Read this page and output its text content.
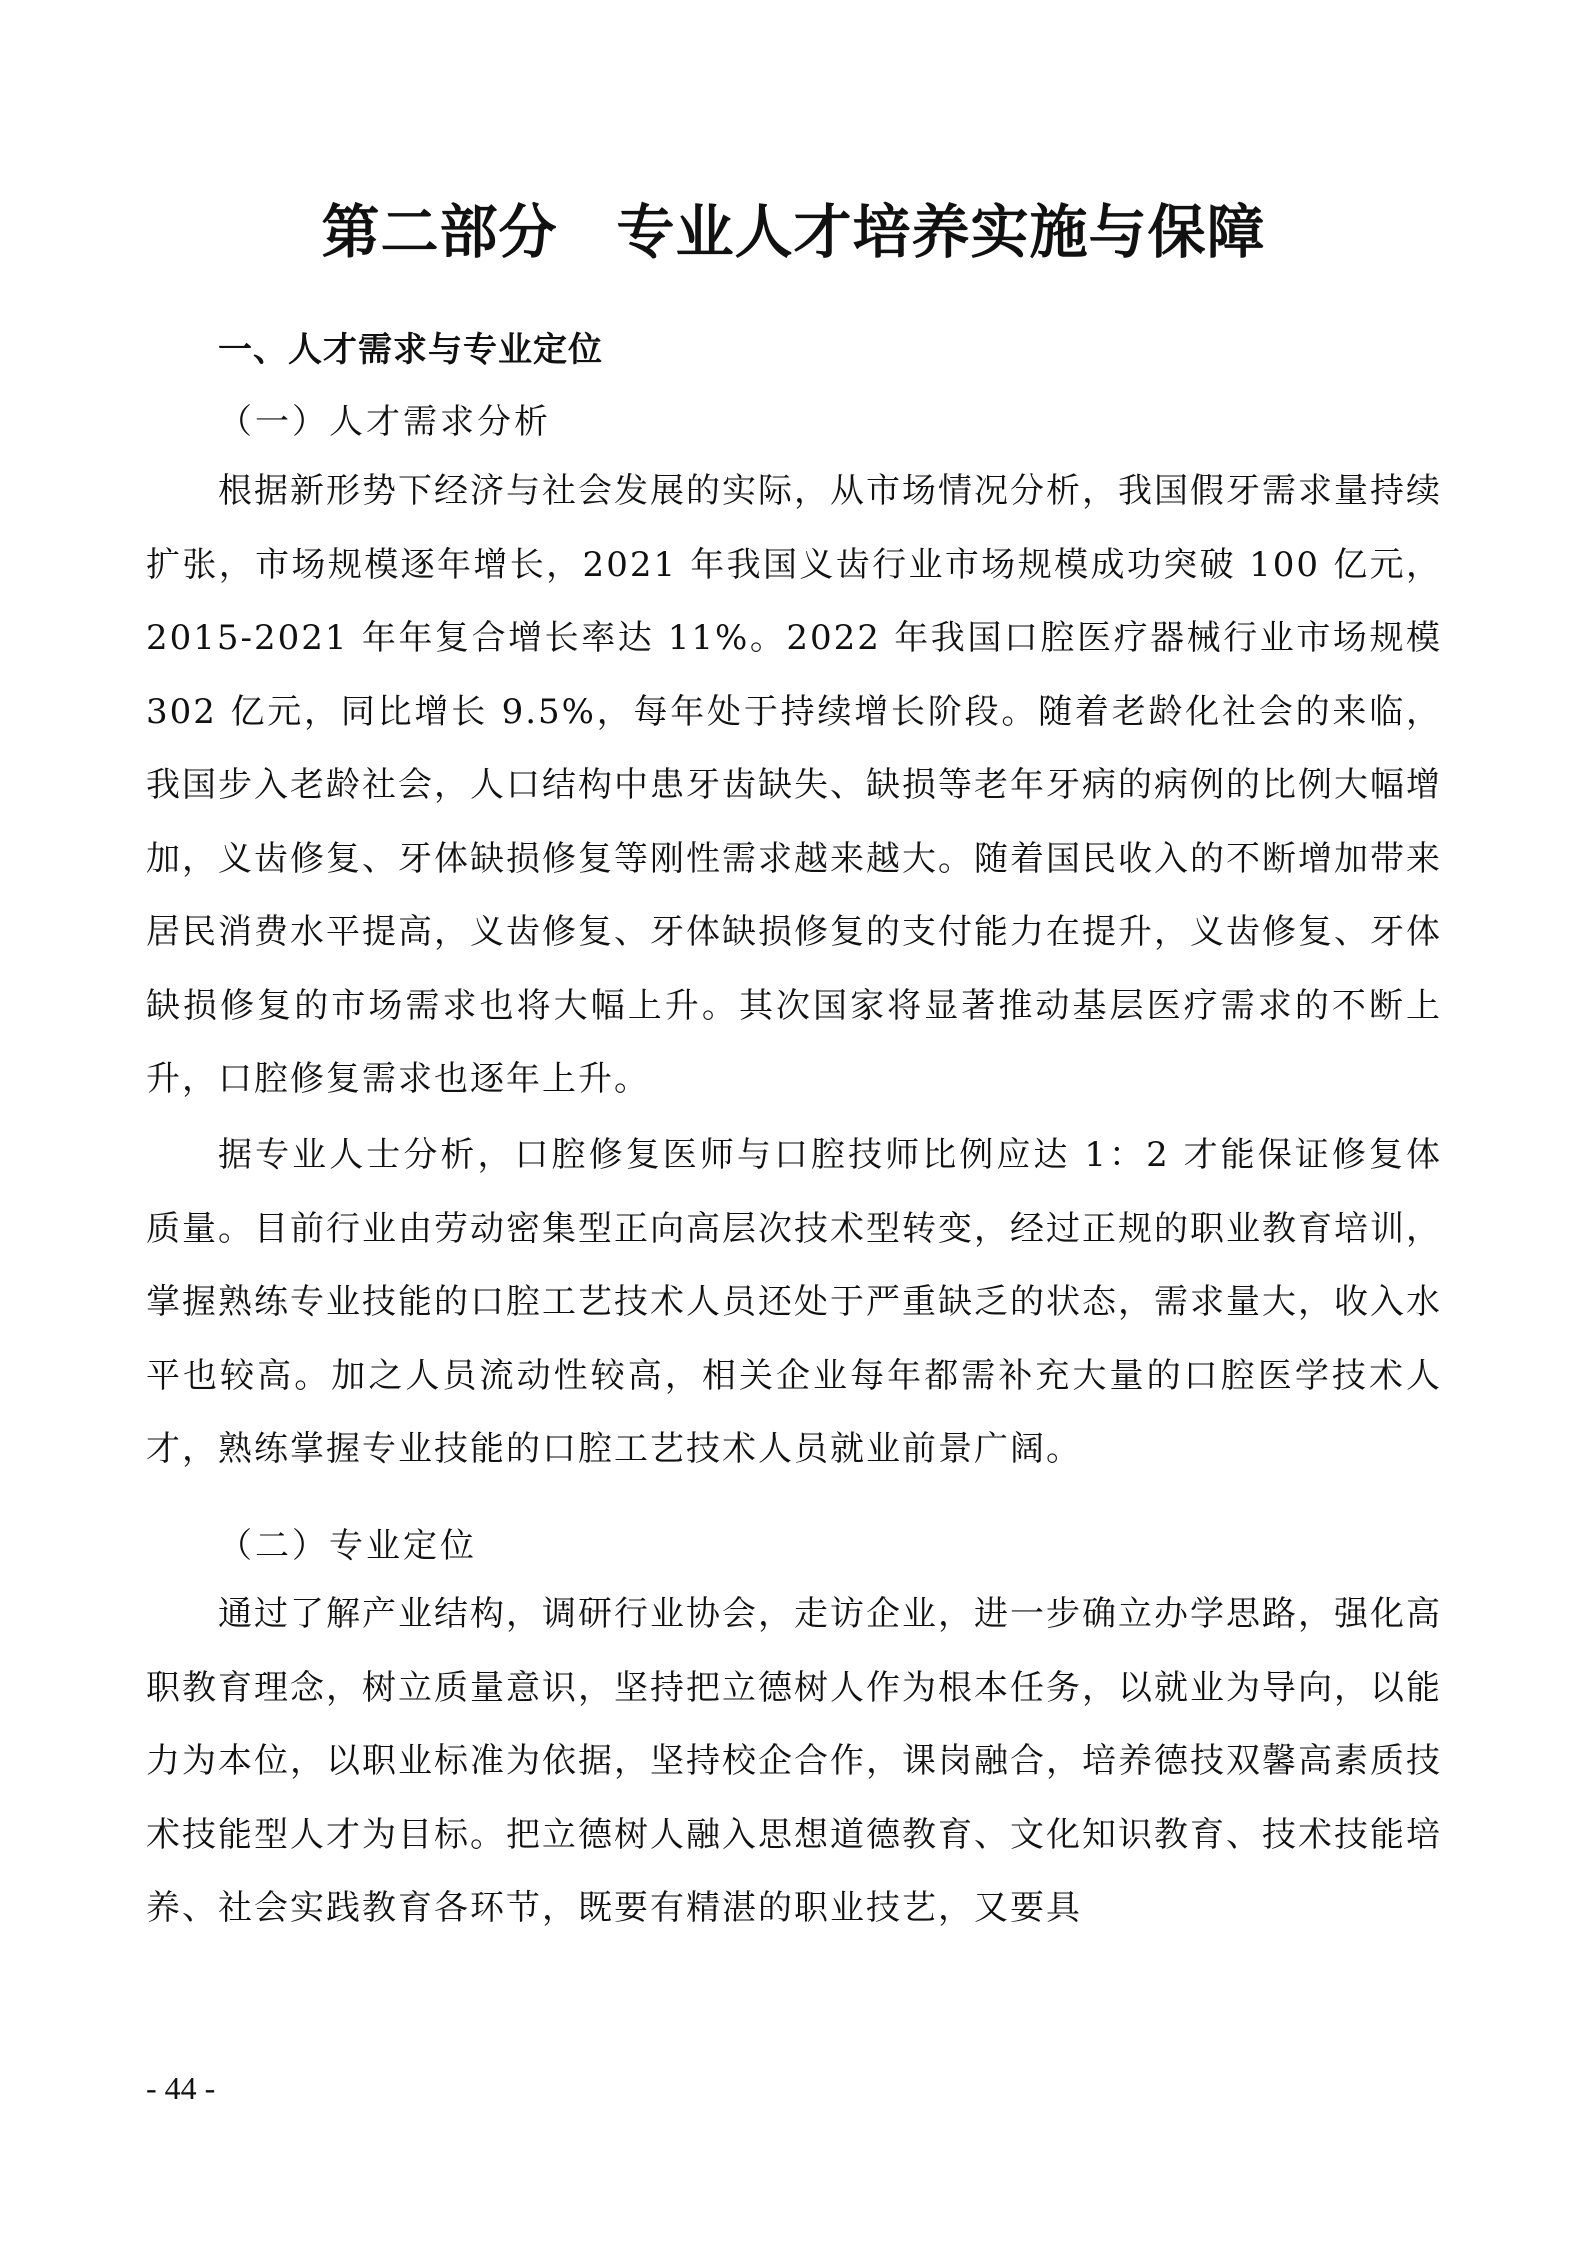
第二部分　专业人才培养实施与保障
一、人才需求与专业定位
（一）人才需求分析

根据新形势下经济与社会发展的实际，从市场情况分析，我国假牙需求量持续扩张，市场规模逐年增长，2021 年我国义齿行业市场规模成功突破 100 亿元，2015-2021 年年复合增长率达 11%。2022 年我国口腔医疗器械行业市场规模 302 亿元，同比增长 9.5%，每年处于持续增长阶段。随着老龄化社会的来临，我国步入老龄社会，人口结构中患牙齿缺失、缺损等老年牙病的病例的比例大幅增加，义齿修复、牙体缺损修复等刚性需求越来越大。随着国民收入的不断增加带来居民消费水平提高，义齿修复、牙体缺损修复的支付能力在提升，义齿修复、牙体缺损修复的市场需求也将大幅上升。其次国家将显著推动基层医疗需求的不断上升，口腔修复需求也逐年上升。

据专业人士分析，口腔修复医师与口腔技师比例应达 1：2 才能保证修复体质量。目前行业由劳动密集型正向高层次技术型转变，经过正规的职业教育培训，掌握熟练专业技能的口腔工艺技术人员还处于严重缺乏的状态，需求量大，收入水平也较高。加之人员流动性较高，相关企业每年都需补充大量的口腔医学技术人才，熟练掌握专业技能的口腔工艺技术人员就业前景广阔。

（二）专业定位

通过了解产业结构，调研行业协会，走访企业，进一步确立办学思路，强化高职教育理念，树立质量意识，坚持把立德树人作为根本任务，以就业为导向，以能力为本位，以职业标准为依据，坚持校企合作，课岗融合，培养德技双馨高素质技术技能型人才为目标。把立德树人融入思想道德教育、文化知识教育、技术技能培养、社会实践教育各环节，既要有精湛的职业技艺，又要具

- 44 -
